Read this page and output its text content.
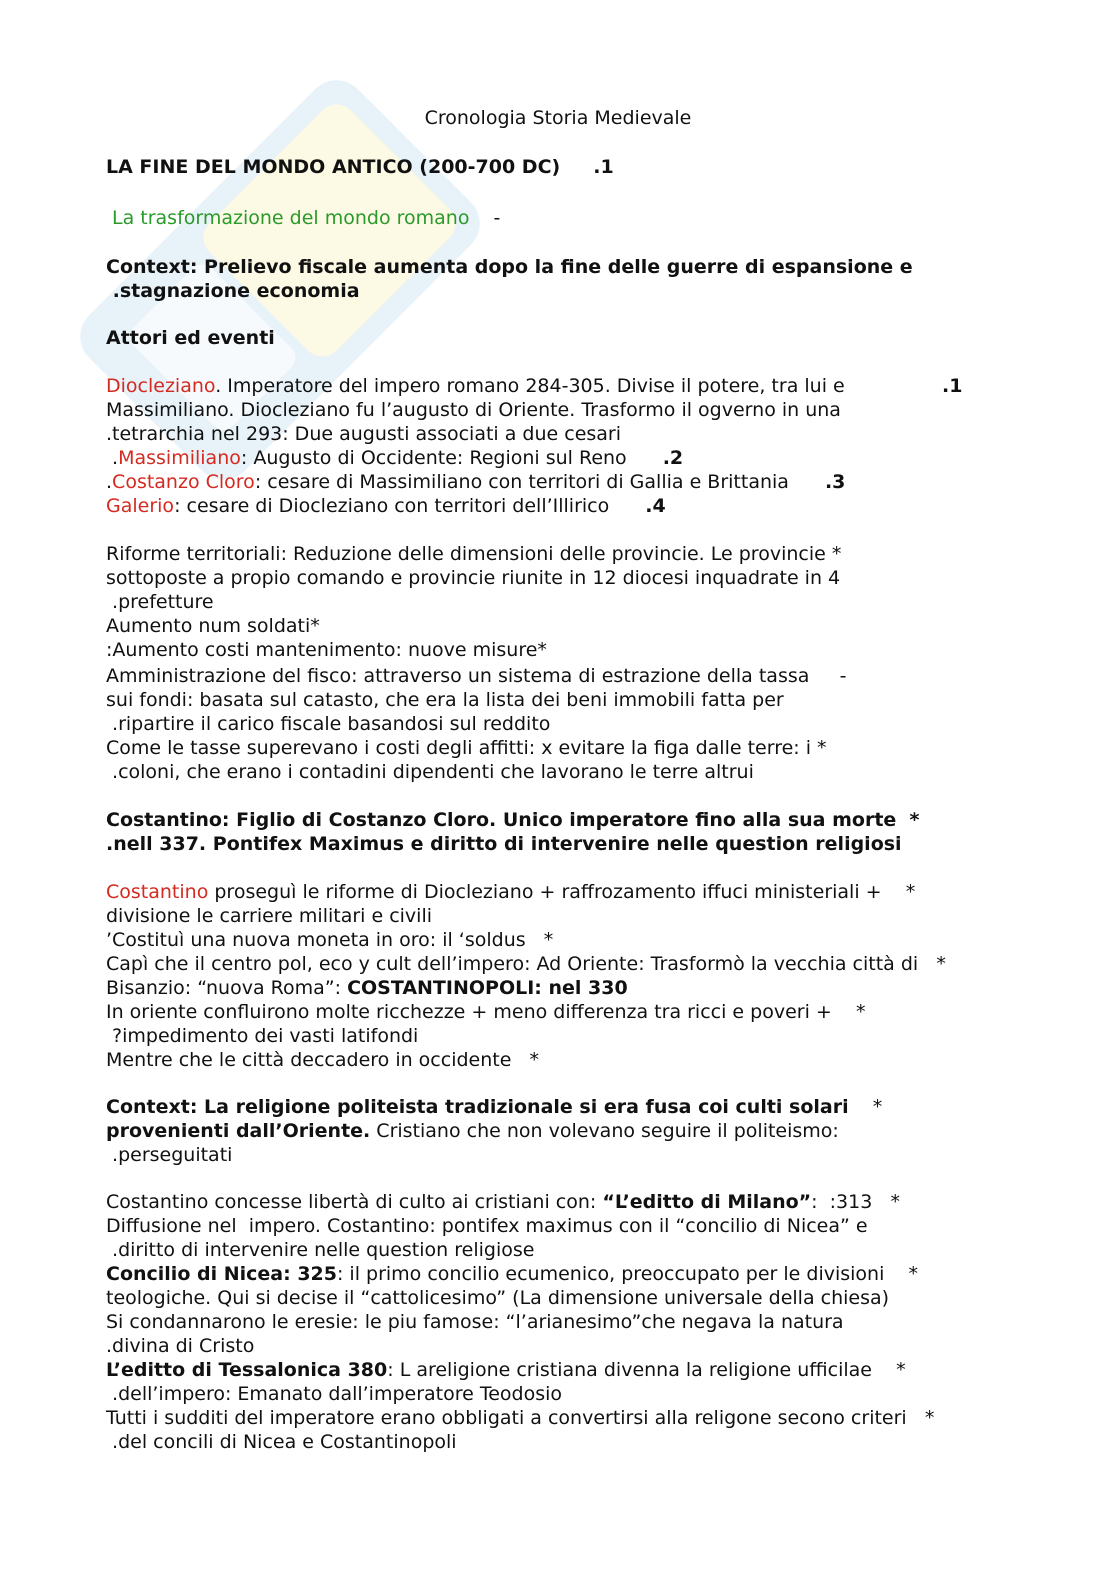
Cronologia Storia Medievale
LA FINE DEL MONDO ANTICO (200-700 DC)     .1
La trasformazione del mondo romano -
Context: Prelievo fiscale aumenta dopo la fine delle guerre di espansione e
.stagnazione economia
Attori ed eventi
Diocleziano. Imperatore del impero romano 284-305. Divise il potere, tra lui e	.1
Massimiliano. Diocleziano fu l’augusto di Oriente. Trasformo il ogverno in una
.tetrarchia nel 293: Due augusti associati a due cesari
.Massimiliano: Augusto di Occidente: Regioni sul Reno .2
.Costanzo Cloro: cesare di Massimiliano con territori di Gallia e Brittania .3
Galerio: cesare di Diocleziano con territori dell’Illirico .4
Riforme territoriali: Reduzione delle dimensioni delle provincie. Le provincie *
sottoposte a propio comando e provincie riunite in 12 diocesi inquadrate in 4
.prefetture
Aumento num soldati*
:Aumento costi mantenimento: nuove misure*
Amministrazione del fisco: attraverso un sistema di estrazione della tassa     -
sui fondi: basata sul catasto, che era la lista dei beni immobili fatta per
.ripartire il carico fiscale basandosi sul reddito
Come le tasse superevano i costi degli affitti: x evitare la figa dalle terre: i *
.coloni, che erano i contadini dipendenti che lavorano le terre altrui
Costantino: Figlio di Costanzo Cloro. Unico imperatore fino alla sua morte  *
.nell 337. Pontifex Maximus e diritto di intervenire nelle question religiosi
Costantino proseguì le riforme di Diocleziano + raffrozamento iffuci ministeriali +    *
divisione le carriere militari e civili
’Costituì una nuova moneta in oro: il ‘soldus   *
Capì che il centro pol, eco y cult dell’impero: Ad Oriente: Trasformò la vecchia città di   *
Bisanzio: “nuova Roma”: COSTANTINOPOLI: nel 330
In oriente confluirono molte ricchezze + meno differenza tra ricci e poveri +    *
?impedimento dei vasti latifondi
Mentre che le città deccadero in occidente   *
Context: La religione politeista tradizionale si era fusa coi culti solari    *
provenienti dall’Oriente. Cristiano che non volevano seguire il politeismo:
.perseguitati
Costantino concesse libertà di culto ai cristiani con: “L’editto di Milano”:  :313   *
Diffusione nel  impero. Costantino: pontifex maximus con il “concilio di Nicea” e
.diritto di intervenire nelle question religiose
Concilio di Nicea: 325: il primo concilio ecumenico, preoccupato per le divisioni    *
teologiche. Qui si decise il “cattolicesimo” (La dimensione universale della chiesa)
Si condannarono le eresie: le piu famose: “l’arianesimo”che negava la natura
.divina di Cristo
L’editto di Tessalonica 380: L areligione cristiana divenna la religione ufficilae    *
.dell’impero: Emanato dall’imperatore Teodosio
Tutti i sudditi del imperatore erano obbligati a convertirsi alla religone secono criteri   *
.del concili di Nicea e Costantinopoli
